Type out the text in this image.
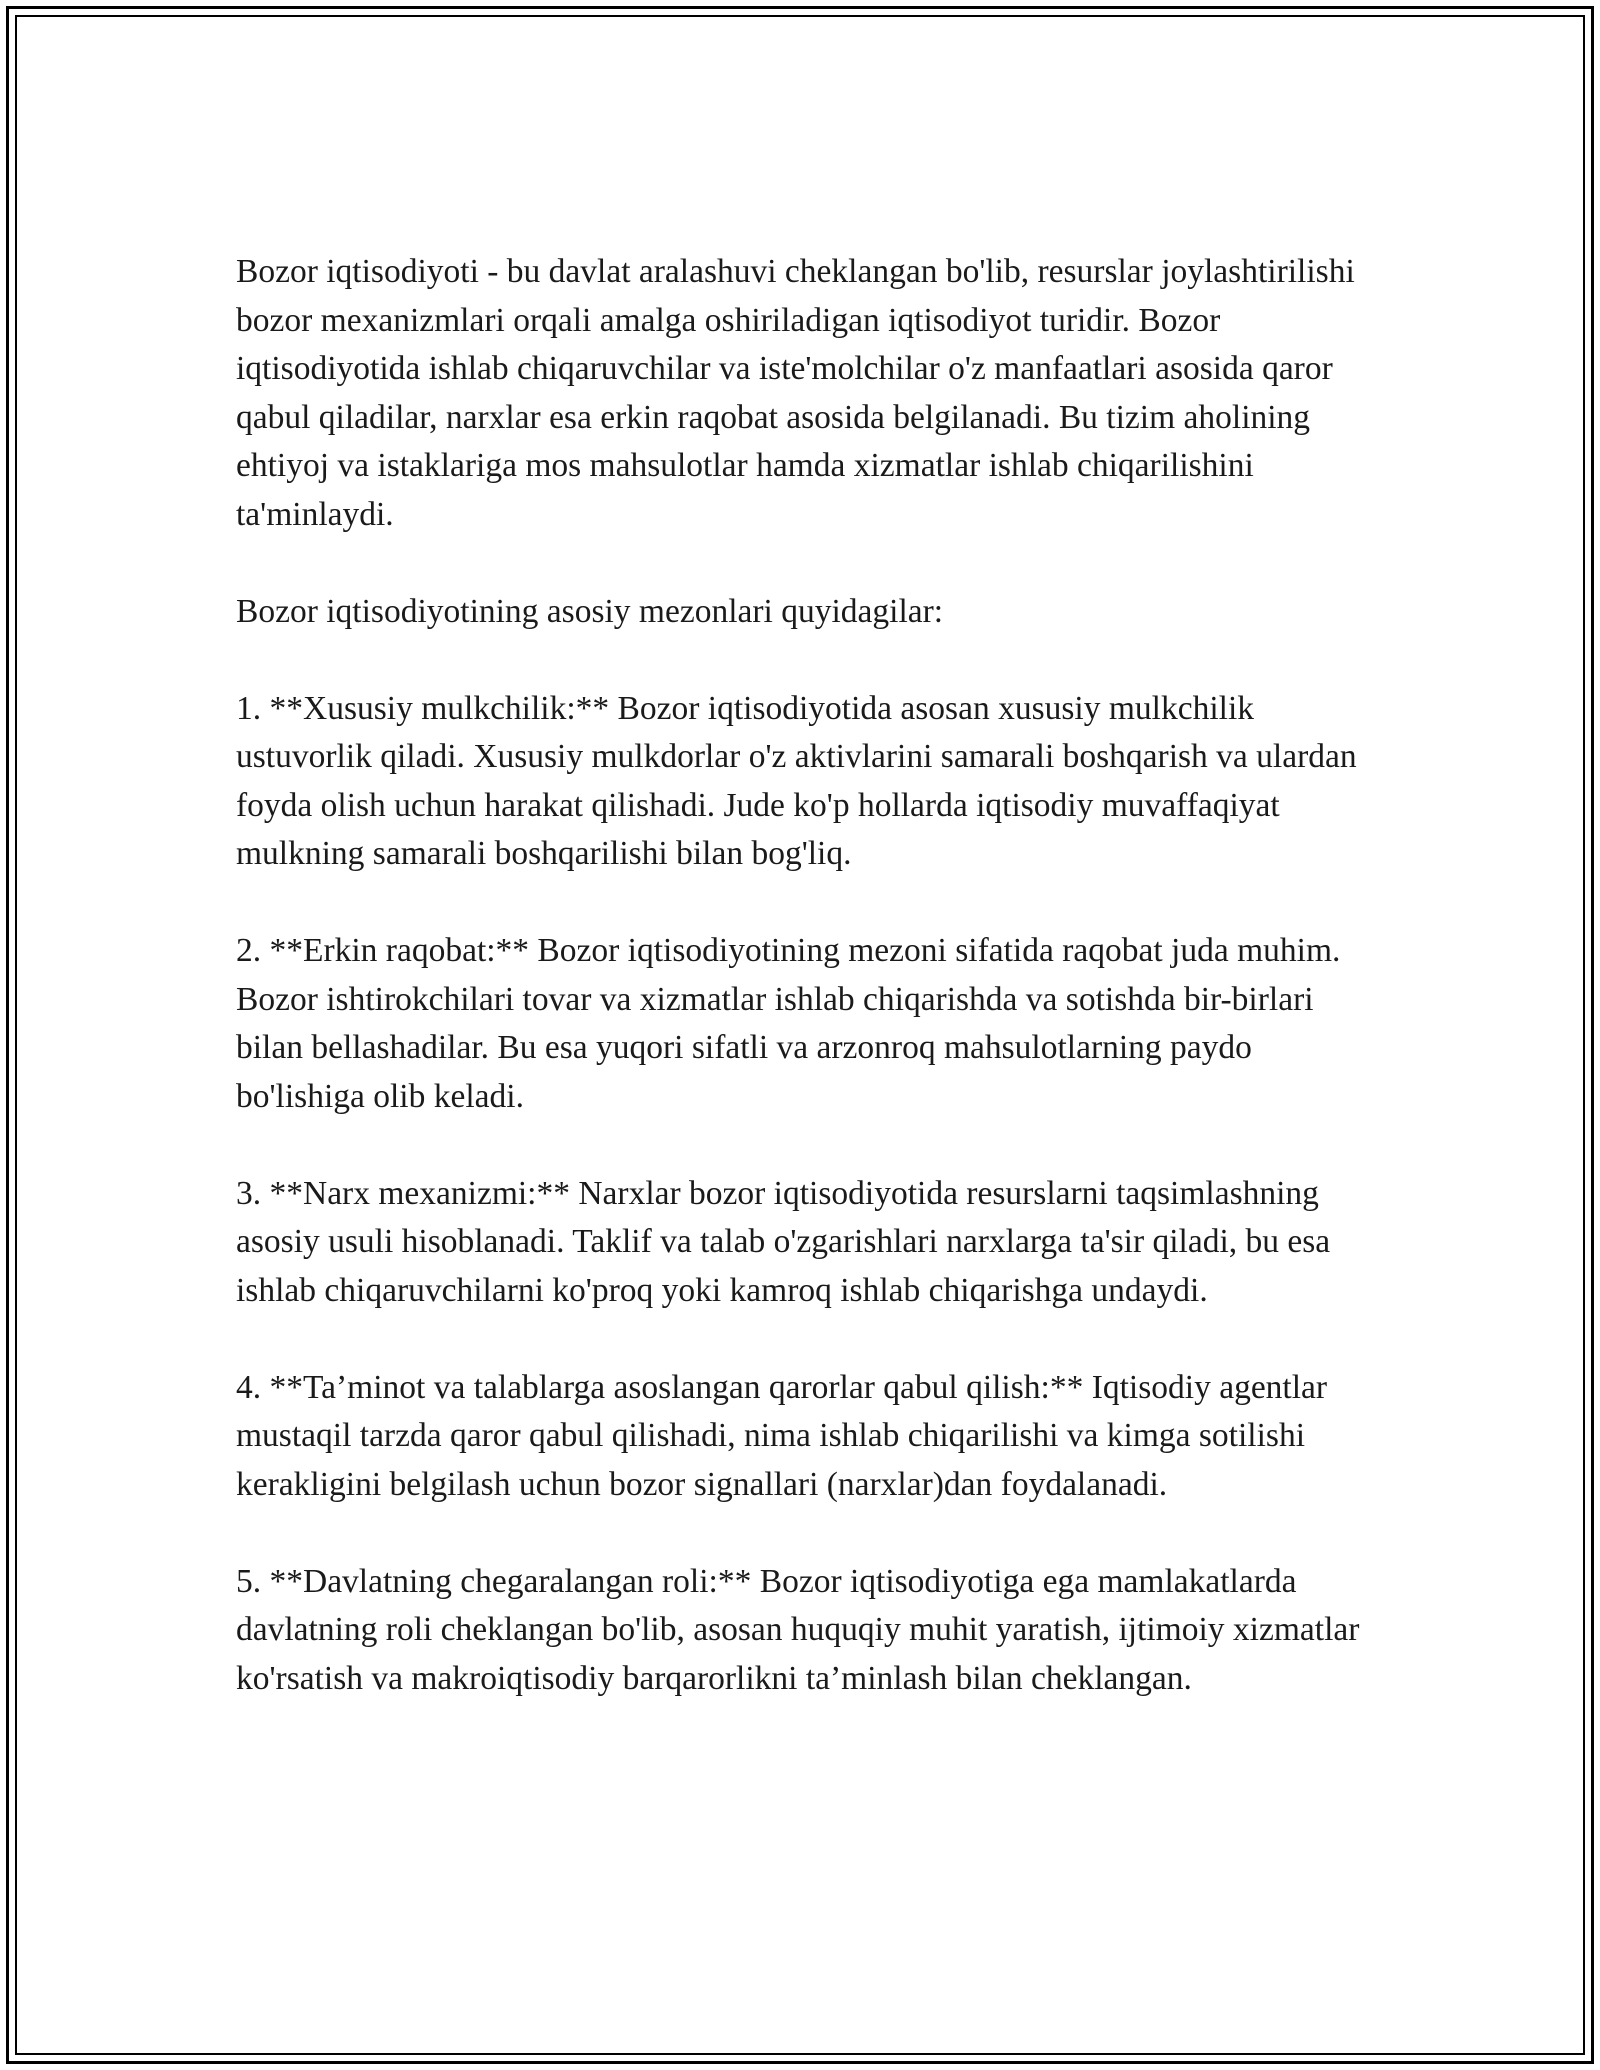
Bozor iqtisodiyoti - bu davlat aralashuvi cheklangan bo'lib, resurslar joylashtirilishi bozor mexanizmlari orqali amalga oshiriladigan iqtisodiyot turidir. Bozor iqtisodiyotida ishlab chiqaruvchilar va iste'molchilar o'z manfaatlari asosida qaror qabul qiladilar, narxlar esa erkin raqobat asosida belgilanadi. Bu tizim aholining ehtiyoj va istaklariga mos mahsulotlar hamda xizmatlar ishlab chiqarilishini ta'minlaydi.

Bozor iqtisodiyotining asosiy mezonlari quyidagilar:

1. **Xususiy mulkchilik:** Bozor iqtisodiyotida asosan xususiy mulkchilik ustuvorlik qiladi. Xususiy mulkdorlar o'z aktivlarini samarali boshqarish va ulardan foyda olish uchun harakat qilishadi. Jude ko'p hollarda iqtisodiy muvaffaqiyat mulkning samarali boshqarilishi bilan bog'liq.

2. **Erkin raqobat:** Bozor iqtisodiyotining mezoni sifatida raqobat juda muhim. Bozor ishtirokchilari tovar va xizmatlar ishlab chiqarishda va sotishda bir-birlari bilan bellashadilar. Bu esa yuqori sifatli va arzonroq mahsulotlarning paydo bo'lishiga olib keladi.

3. **Narx mexanizmi:** Narxlar bozor iqtisodiyotida resurslarni taqsimlashning asosiy usuli hisoblanadi. Taklif va talab o'zgarishlari narxlarga ta'sir qiladi, bu esa ishlab chiqaruvchilarni ko'proq yoki kamroq ishlab chiqarishga undaydi.

4. **Ta’minot va talablarga asoslangan qarorlar qabul qilish:** Iqtisodiy agentlar mustaqil tarzda qaror qabul qilishadi, nima ishlab chiqarilishi va kimga sotilishi kerakligini belgilash uchun bozor signallari (narxlar)dan foydalanadi.

5. **Davlatning chegaralangan roli:** Bozor iqtisodiyotiga ega mamlakatlarda davlatning roli cheklangan bo'lib, asosan huquqiy muhit yaratish, ijtimoiy xizmatlar ko'rsatish va makroiqtisodiy barqarorlikni ta’minlash bilan cheklangan.
